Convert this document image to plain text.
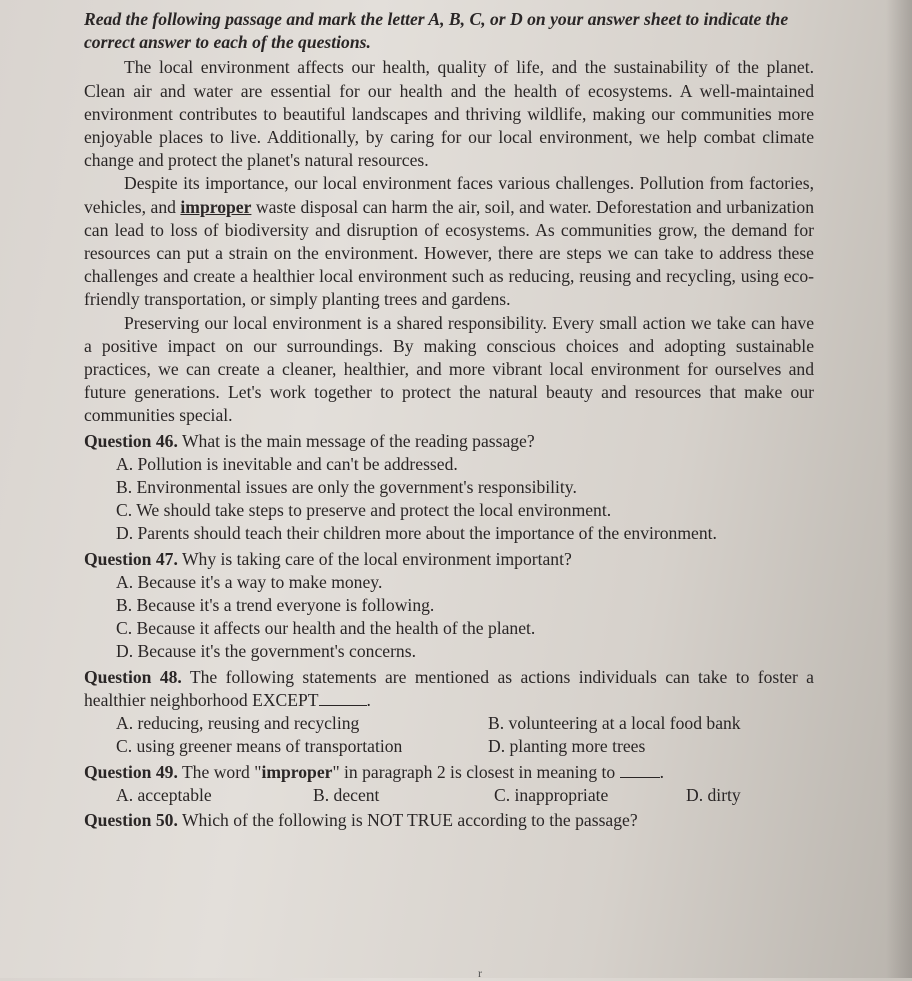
Read the following passage and mark the letter A, B, C, or D on your answer sheet to indicate the correct answer to each of the questions.

The local environment affects our health, quality of life, and the sustainability of the planet. Clean air and water are essential for our health and the health of ecosystems. A well-maintained environment contributes to beautiful landscapes and thriving wildlife, making our communities more enjoyable places to live. Additionally, by caring for our local environment, we help combat climate change and protect the planet's natural resources.

Despite its importance, our local environment faces various challenges. Pollution from factories, vehicles, and improper waste disposal can harm the air, soil, and water. Deforestation and urbanization can lead to loss of biodiversity and disruption of ecosystems. As communities grow, the demand for resources can put a strain on the environment. However, there are steps we can take to address these challenges and create a healthier local environment such as reducing, reusing and recycling, using eco-friendly transportation, or simply planting trees and gardens.

Preserving our local environment is a shared responsibility. Every small action we take can have a positive impact on our surroundings. By making conscious choices and adopting sustainable practices, we can create a cleaner, healthier, and more vibrant local environment for ourselves and future generations. Let's work together to protect the natural beauty and resources that make our communities special.

Question 46. What is the main message of the reading passage?
A. Pollution is inevitable and can't be addressed.
B. Environmental issues are only the government's responsibility.
C. We should take steps to preserve and protect the local environment.
D. Parents should teach their children more about the importance of the environment.
Question 47. Why is taking care of the local environment important?
A. Because it's a way to make money.
B. Because it's a trend everyone is following.
C. Because it affects our health and the health of the planet.
D. Because it's the government's concerns.
Question 48. The following statements are mentioned as actions individuals can take to foster a healthier neighborhood EXCEPT	.
A. reducing, reusing and recycling	B. volunteering at a local food bank
C. using greener means of transportation	D. planting more trees
Question 49. The word "improper" in paragraph 2 is closest in meaning to	.
A. acceptable	B. decent	C. inappropriate	D. dirty
Question 50. Which of the following is NOT TRUE according to the passage?
r
